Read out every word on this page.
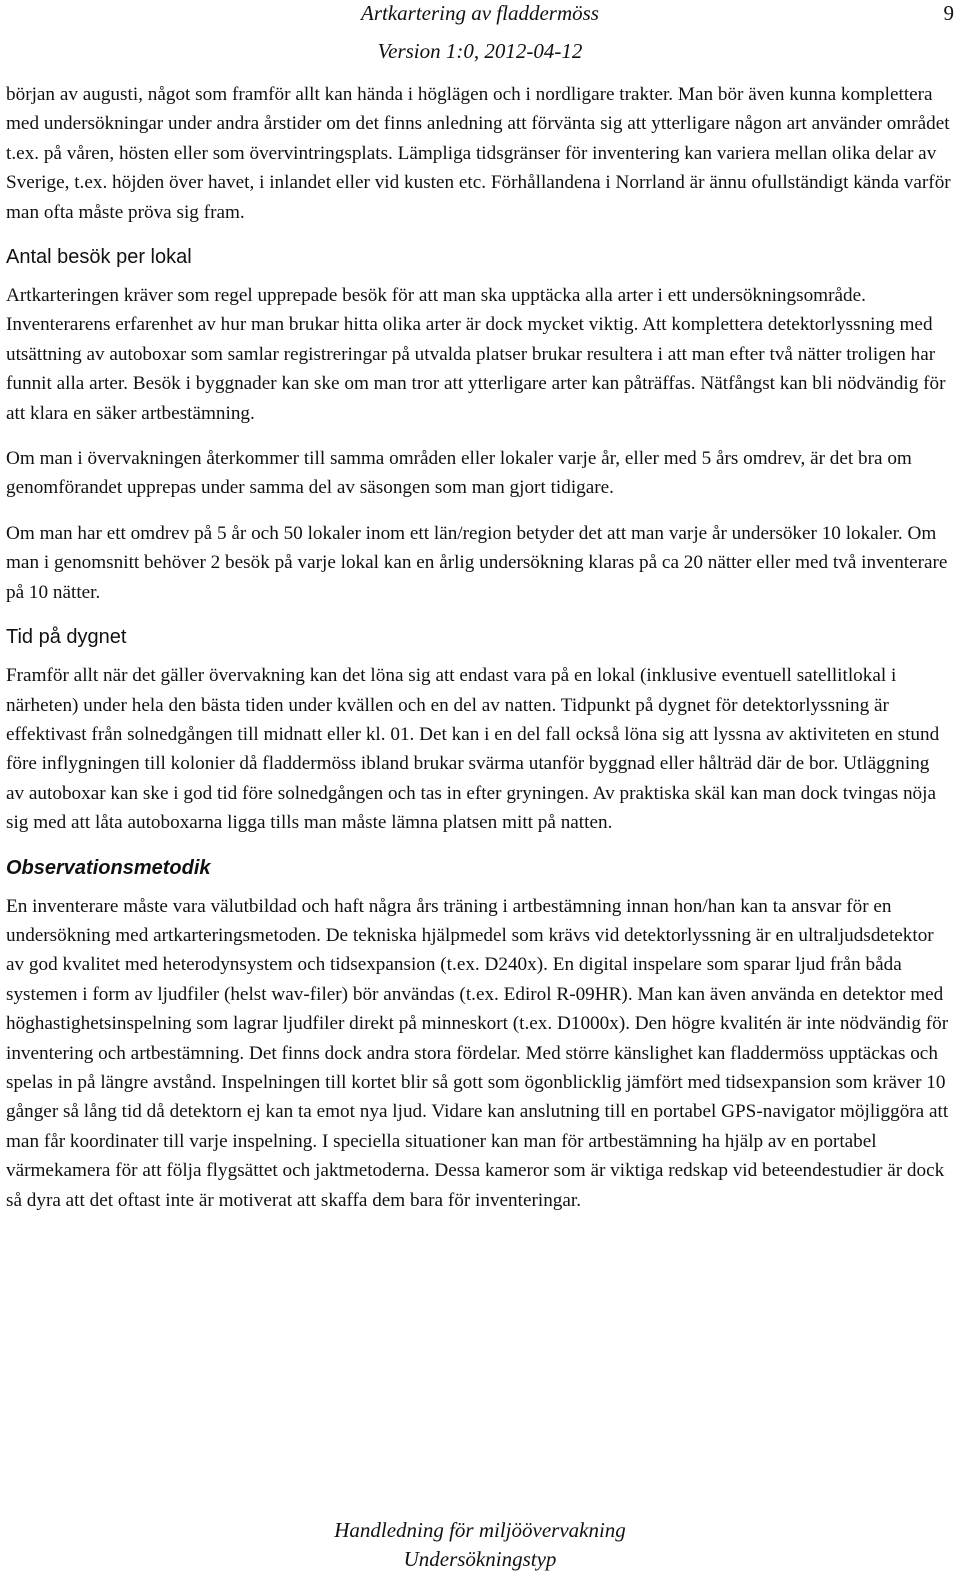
Artkartering av fladdermöss
Version 1:0, 2012-04-12
9

början av augusti, något som framför allt kan hända i höglägen och i nordligare trakter. Man bör även kunna komplettera med undersökningar under andra årstider om det finns anledning att förvänta sig att ytterligare någon art använder området t.ex. på våren, hösten eller som övervintringsplats. Lämpliga tidsgränser för inventering kan variera mellan olika delar av Sverige, t.ex. höjden över havet, i inlandet eller vid kusten etc. Förhållandena i Norrland är ännu ofullständigt kända varför man ofta måste pröva sig fram.

Antal besök per lokal

Artkarteringen kräver som regel upprepade besök för att man ska upptäcka alla arter i ett undersökningsområde. Inventerarens erfarenhet av hur man brukar hitta olika arter är dock mycket viktig. Att komplettera detektorlyssning med utsättning av autoboxar som samlar registreringar på utvalda platser brukar resultera i att man efter två nätter troligen har funnit alla arter. Besök i byggnader kan ske om man tror att ytterligare arter kan påträffas. Nätfångst kan bli nödvändig för att klara en säker artbestämning.

Om man i övervakningen återkommer till samma områden eller lokaler varje år, eller med 5 års omdrev, är det bra om genomförandet upprepas under samma del av säsongen som man gjort tidigare.

Om man har ett omdrev på 5 år och 50 lokaler inom ett län/region betyder det att man varje år undersöker 10 lokaler. Om man i genomsnitt behöver 2 besök på varje lokal kan en årlig undersökning klaras på ca 20 nätter eller med två inventerare på 10 nätter.

Tid på dygnet

Framför allt när det gäller övervakning kan det löna sig att endast vara på en lokal (inklusive eventuell satellitlokal i närheten) under hela den bästa tiden under kvällen och en del av natten. Tidpunkt på dygnet för detektorlyssning är effektivast från solnedgången till midnatt eller kl. 01. Det kan i en del fall också löna sig att lyssna av aktiviteten en stund före inflygningen till kolonier då fladdermöss ibland brukar svärma utanför byggnad eller hålträd där de bor. Utläggning av autoboxar kan ske i god tid före solnedgången och tas in efter gryningen. Av praktiska skäl kan man dock tvingas nöja sig med att låta autoboxarna ligga tills man måste lämna platsen mitt på natten.

Observationsmetodik

En inventerare måste vara välutbildad och haft några års träning i artbestämning innan hon/han kan ta ansvar för en undersökning med artkarteringsmetoden. De tekniska hjälpmedel som krävs vid detektorlyssning är en ultraljudsdetektor av god kvalitet med heterodynsystem och tidsexpansion (t.ex. D240x). En digital inspelare som sparar ljud från båda systemen i form av ljudfiler (helst wav-filer) bör användas (t.ex. Edirol R-09HR). Man kan även använda en detektor med höghastighetsinspelning som lagrar ljudfiler direkt på minneskort (t.ex. D1000x). Den högre kvalitén är inte nödvändig för inventering och artbestämning. Det finns dock andra stora fördelar. Med större känslighet kan fladdermöss upptäckas och spelas in på längre avstånd. Inspelningen till kortet blir så gott som ögonblicklig jämfört med tidsexpansion som kräver 10 gånger så lång tid då detektorn ej kan ta emot nya ljud. Vidare kan anslutning till en portabel GPS-navigator möjliggöra att man får koordinater till varje inspelning. I speciella situationer kan man för artbestämning ha hjälp av en portabel värmekamera för att följa flygsättet och jaktmetoderna. Dessa kameror som är viktiga redskap vid beteendestudier är dock så dyra att det oftast inte är motiverat att skaffa dem bara för inventeringar.

Handledning för miljöövervakning
Undersökningstyp
